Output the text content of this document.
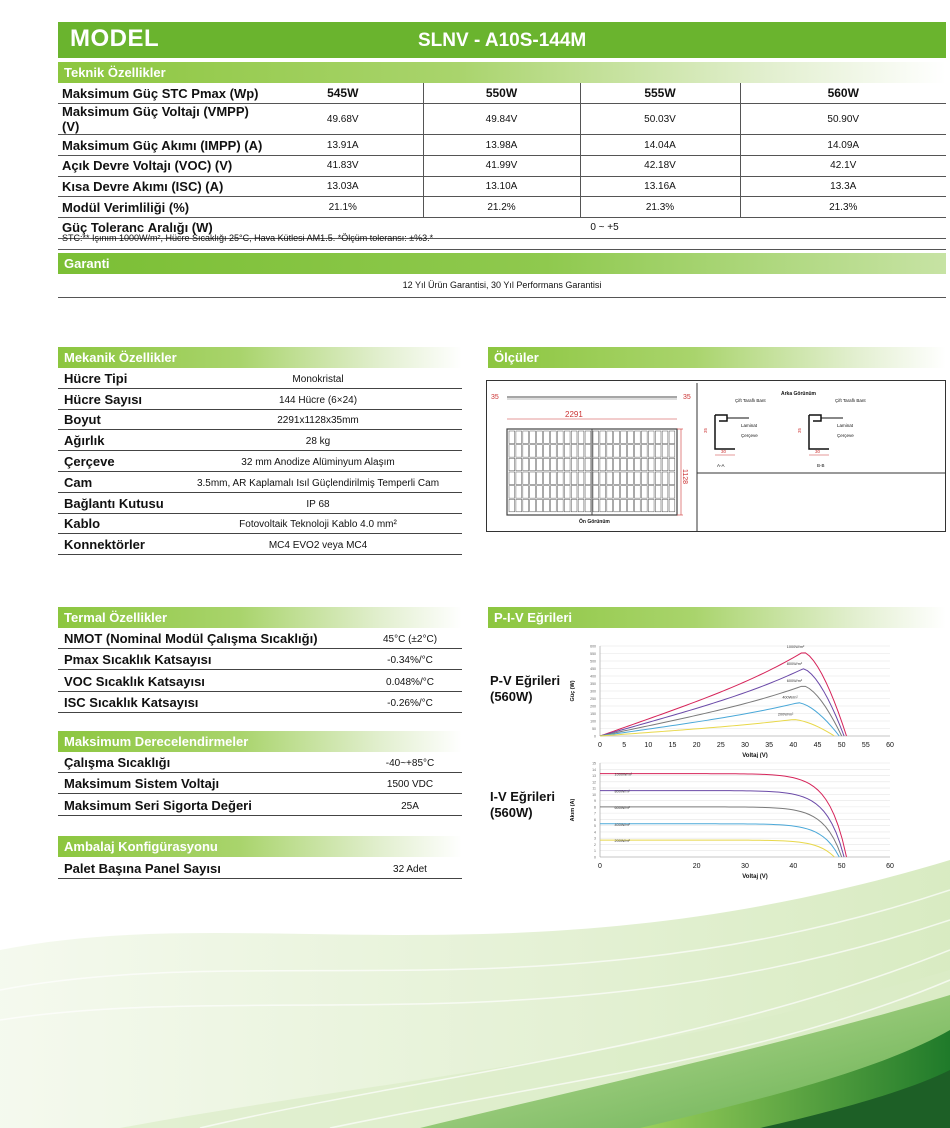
MODEL	SLNV - A10S-144M
Teknik Özellikler
Maksimum Güç STC Pmax (Wp)	545W	550W	555W	560W
Maksimum Güç Voltajı (VMPP) (V)	49.68V	49.84V	50.03V	50.90V
Maksimum Güç Akımı (IMPP) (A)	13.91A	13.98A	14.04A	14.09A
Açık Devre Voltajı (VOC) (V)	41.83V	41.99V	42.18V	42.1V
Kısa Devre Akımı (ISC) (A)	13.03A	13.10A	13.16A	13.3A
Modül Verimliliği (%)	21.1%	21.2%	21.3%	21.3%
Güç Toleranс Aralığı (W)	0 ~ +5			
STC:** Işınım 1000W/m², Hücre Sıcaklığı 25°C, Hava Kütlesi AM1.5. *Ölçüm toleransı: ±%3.*
Garanti
12 Yıl Ürün Garantisi, 30 Yıl Performans Garantisi
Mekanik Özellikler
Hücre Tipi	Monokristal
Hücre Sayısı	144 Hücre (6×24)
Boyut	2291x1128x35mm
Ağırlık	28 kg
Çerçeve	32 mm Anodize Alüminyum Alaşım
Cam	3.5mm, AR Kaplamalı Isıl Güçlendirilmiş Temperli Cam
Bağlantı Kutusu	IP 68
Kablo	Fotovoltaik Teknoloji Kablo 4.0 mm²
Konnektörler	MC4 EVO2 veya MC4
Ölçüler
35	35
2291
1128
Ön Görünüm
Arka Görünüm
Çift Taraflı Bant
Laminat
Çerçeve
35
30
A-A
Çift Taraflı Bant
Laminat
Çerçeve
35
30
B-B
Termal Özellikler
NMOT (Nominal Modül Çalışma Sıcaklığı)	45°C (±2°C)
Pmax Sıcaklık Katsayısı	-0.34%/°C
VOC Sıcaklık Katsayısı	0.048%/°C
ISC Sıcaklık Katsayısı	-0.26%/°C
Maksimum Derecelendirmeler
Çalışma Sıcaklığı	-40~+85°C
Maksimum Sistem Voltajı	1500 VDC
Maksimum Seri Sigorta Değeri	25A
Ambalaj Konfigürasyonu
Palet Başına Panel Sayısı	32 Adet
P-I-V Eğrileri
P-V Eğrileri (560W)
0
50
100
150
200
250
300
350
400
450
500
550
600
0	5	10 15 20 25 30 35 40 45 50 55 60
Voltaj (V)
Güç (W)
1000W/m²
800W/m²
600W/m²
400W/m²
200W/m²
I-V Eğrileri (560W)
0
1
2
3
4
5
6
7
8
9
10
11
12
13
14
15
0	20	30	40	50	60
Voltaj (V)
Akım (A)
1000W/m²
800W/m²
600W/m²
400W/m²
200W/m²
